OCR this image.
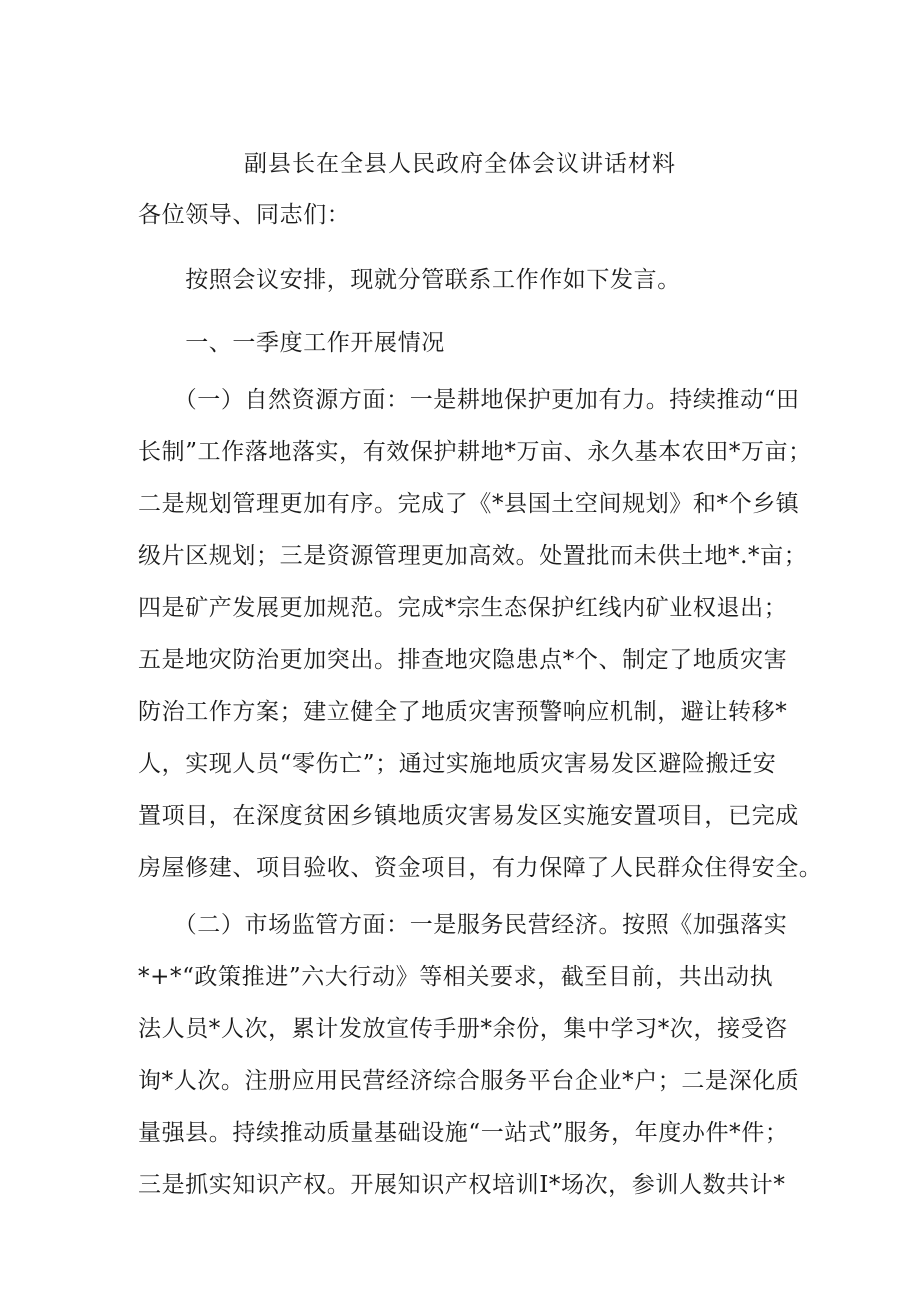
副县长在全县人民政府全体会议讲话材料
各位领导、同志们：
　　按照会议安排，现就分管联系工作作如下发言。
　　一、一季度工作开展情况
　　（一）自然资源方面：一是耕地保护更加有力。持续推动“田
长制”工作落地落实，有效保护耕地*万亩、永久基本农田*万亩；
二是规划管理更加有序。完成了《*县国土空间规划》和*个乡镇
级片区规划；三是资源管理更加高效。处置批而未供土地*.*亩；
四是矿产发展更加规范。完成*宗生态保护红线内矿业权退出；
五是地灾防治更加突出。排查地灾隐患点*个、制定了地质灾害
防治工作方案；建立健全了地质灾害预警响应机制，避让转移*
人，实现人员“零伤亡”；通过实施地质灾害易发区避险搬迁安
置项目，在深度贫困乡镇地质灾害易发区实施安置项目，已完成
房屋修建、项目验收、资金项目，有力保障了人民群众住得安全。
　　（二）市场监管方面：一是服务民营经济。按照《加强落实
*+*“政策推进”六大行动》等相关要求，截至目前，共出动执
法人员*人次，累计发放宣传手册*余份，集中学习*次，接受咨
询*人次。注册应用民营经济综合服务平台企业*户；二是深化质
量强县。持续推动质量基础设施“一站式”服务，年度办件*件；
三是抓实知识产权。开展知识产权培训I*场次，参训人数共计*
